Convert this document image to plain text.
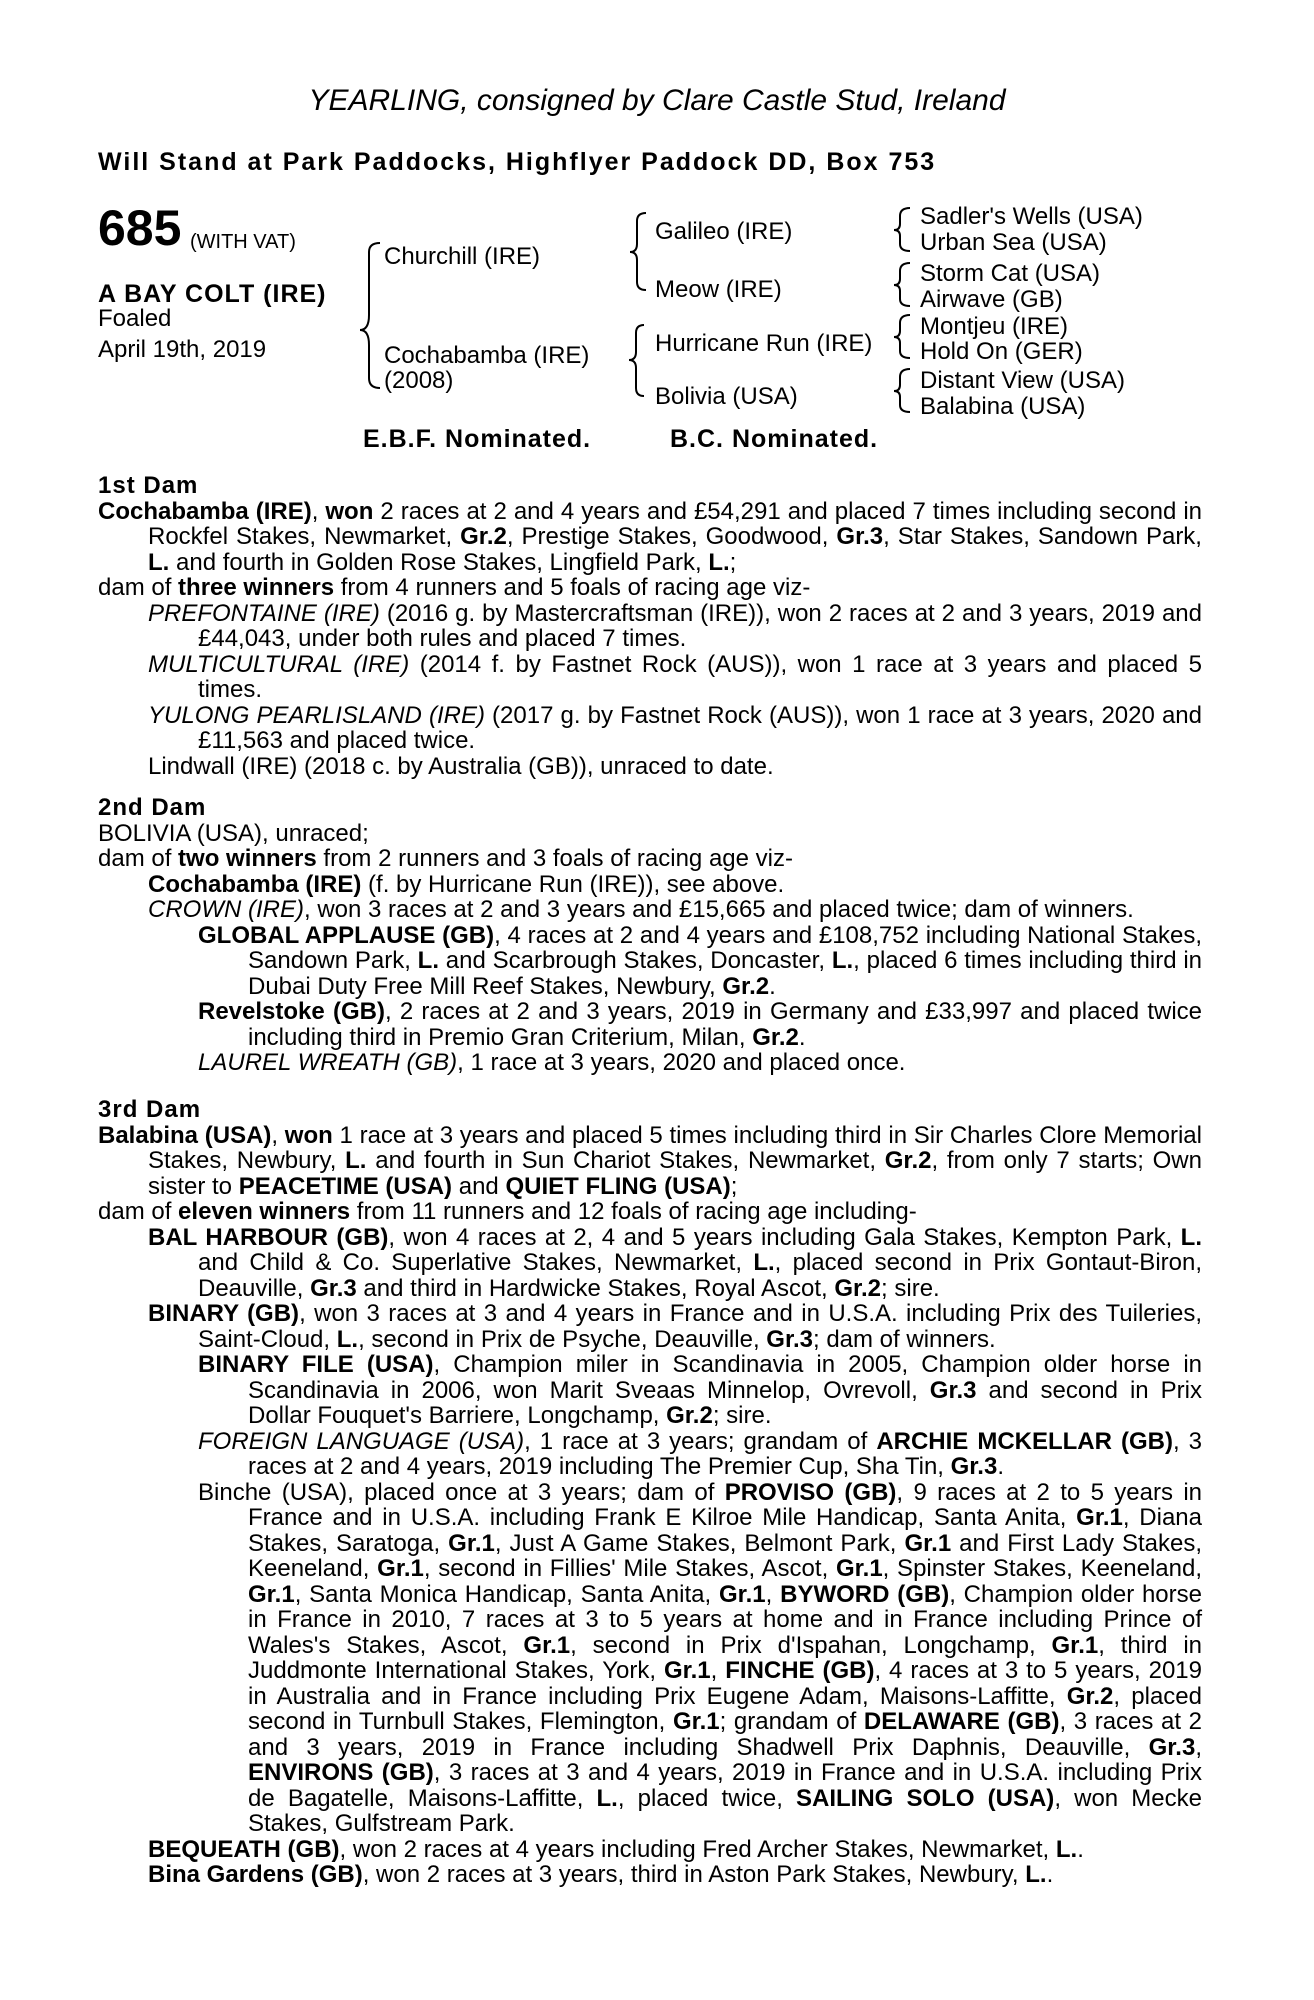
YEARLING, consigned by Clare Castle Stud, Ireland
Will Stand at Park Paddocks, Highflyer Paddock DD, Box 753
685 (WITH VAT)
A BAY COLT (IRE)
Foaled
April 19th, 2019
Churchill (IRE)
Cochabamba (IRE)
(2008)
Galileo (IRE)
Meow (IRE)
Hurricane Run (IRE)
Bolivia (USA)
Sadler's Wells (USA)
Urban Sea (USA)
Storm Cat (USA)
Airwave (GB)
Montjeu (IRE)
Hold On (GER)
Distant View (USA)
Balabina (USA)
E.B.F. Nominated.	B.C. Nominated.

1st Dam

Cochabamba (IRE), won 2 races at 2 and 4 years and £54,291 and placed 7 times including second in Rockfel Stakes, Newmarket, Gr.2, Prestige Stakes, Goodwood, Gr.3, Star Stakes, Sandown Park, L. and fourth in Golden Rose Stakes, Lingfield Park, L.;

dam of three winners from 4 runners and 5 foals of racing age viz-

PREFONTAINE (IRE) (2016 g. by Mastercraftsman (IRE)), won 2 races at 2 and 3 years, 2019 and £44,043, under both rules and placed 7 times.

MULTICULTURAL (IRE) (2014 f. by Fastnet Rock (AUS)), won 1 race at 3 years and placed 5 times.

YULONG PEARLISLAND (IRE) (2017 g. by Fastnet Rock (AUS)), won 1 race at 3 years, 2020 and £11,563 and placed twice.

Lindwall (IRE) (2018 c. by Australia (GB)), unraced to date.

2nd Dam

BOLIVIA (USA), unraced;

dam of two winners from 2 runners and 3 foals of racing age viz-

Cochabamba (IRE) (f. by Hurricane Run (IRE)), see above.

CROWN (IRE), won 3 races at 2 and 3 years and £15,665 and placed twice; dam of winners.

GLOBAL APPLAUSE (GB), 4 races at 2 and 4 years and £108,752 including National Stakes, Sandown Park, L. and Scarbrough Stakes, Doncaster, L., placed 6 times including third in Dubai Duty Free Mill Reef Stakes, Newbury, Gr.2.

Revelstoke (GB), 2 races at 2 and 3 years, 2019 in Germany and £33,997 and placed twice including third in Premio Gran Criterium, Milan, Gr.2.

LAUREL WREATH (GB), 1 race at 3 years, 2020 and placed once.

3rd Dam

Balabina (USA), won 1 race at 3 years and placed 5 times including third in Sir Charles Clore Memorial Stakes, Newbury, L. and fourth in Sun Chariot Stakes, Newmarket, Gr.2, from only 7 starts; Own sister to PEACETIME (USA) and QUIET FLING (USA);

dam of eleven winners from 11 runners and 12 foals of racing age including-

BAL HARBOUR (GB), won 4 races at 2, 4 and 5 years including Gala Stakes, Kempton Park, L. and Child & Co. Superlative Stakes, Newmarket, L., placed second in Prix Gontaut-Biron, Deauville, Gr.3 and third in Hardwicke Stakes, Royal Ascot, Gr.2; sire.

BINARY (GB), won 3 races at 3 and 4 years in France and in U.S.A. including Prix des Tuileries, Saint-Cloud, L., second in Prix de Psyche, Deauville, Gr.3; dam of winners.

BINARY FILE (USA), Champion miler in Scandinavia in 2005, Champion older horse in Scandinavia in 2006, won Marit Sveaas Minnelop, Ovrevoll, Gr.3 and second in Prix Dollar Fouquet's Barriere, Longchamp, Gr.2; sire.

FOREIGN LANGUAGE (USA), 1 race at 3 years; grandam of ARCHIE MCKELLAR (GB), 3 races at 2 and 4 years, 2019 including The Premier Cup, Sha Tin, Gr.3.

Binche (USA), placed once at 3 years; dam of PROVISO (GB), 9 races at 2 to 5 years in France and in U.S.A. including Frank E Kilroe Mile Handicap, Santa Anita, Gr.1, Diana Stakes, Saratoga, Gr.1, Just A Game Stakes, Belmont Park, Gr.1 and First Lady Stakes, Keeneland, Gr.1, second in Fillies' Mile Stakes, Ascot, Gr.1, Spinster Stakes, Keeneland, Gr.1, Santa Monica Handicap, Santa Anita, Gr.1, BYWORD (GB), Champion older horse in France in 2010, 7 races at 3 to 5 years at home and in France including Prince of Wales's Stakes, Ascot, Gr.1, second in Prix d'Ispahan, Longchamp, Gr.1, third in Juddmonte International Stakes, York, Gr.1, FINCHE (GB), 4 races at 3 to 5 years, 2019 in Australia and in France including Prix Eugene Adam, Maisons-Laffitte, Gr.2, placed second in Turnbull Stakes, Flemington, Gr.1; grandam of DELAWARE (GB), 3 races at 2 and 3 years, 2019 in France including Shadwell Prix Daphnis, Deauville, Gr.3, ENVIRONS (GB), 3 races at 3 and 4 years, 2019 in France and in U.S.A. including Prix de Bagatelle, Maisons-Laffitte, L., placed twice, SAILING SOLO (USA), won Mecke Stakes, Gulfstream Park.

BEQUEATH (GB), won 2 races at 4 years including Fred Archer Stakes, Newmarket, L..

Bina Gardens (GB), won 2 races at 3 years, third in Aston Park Stakes, Newbury, L..
